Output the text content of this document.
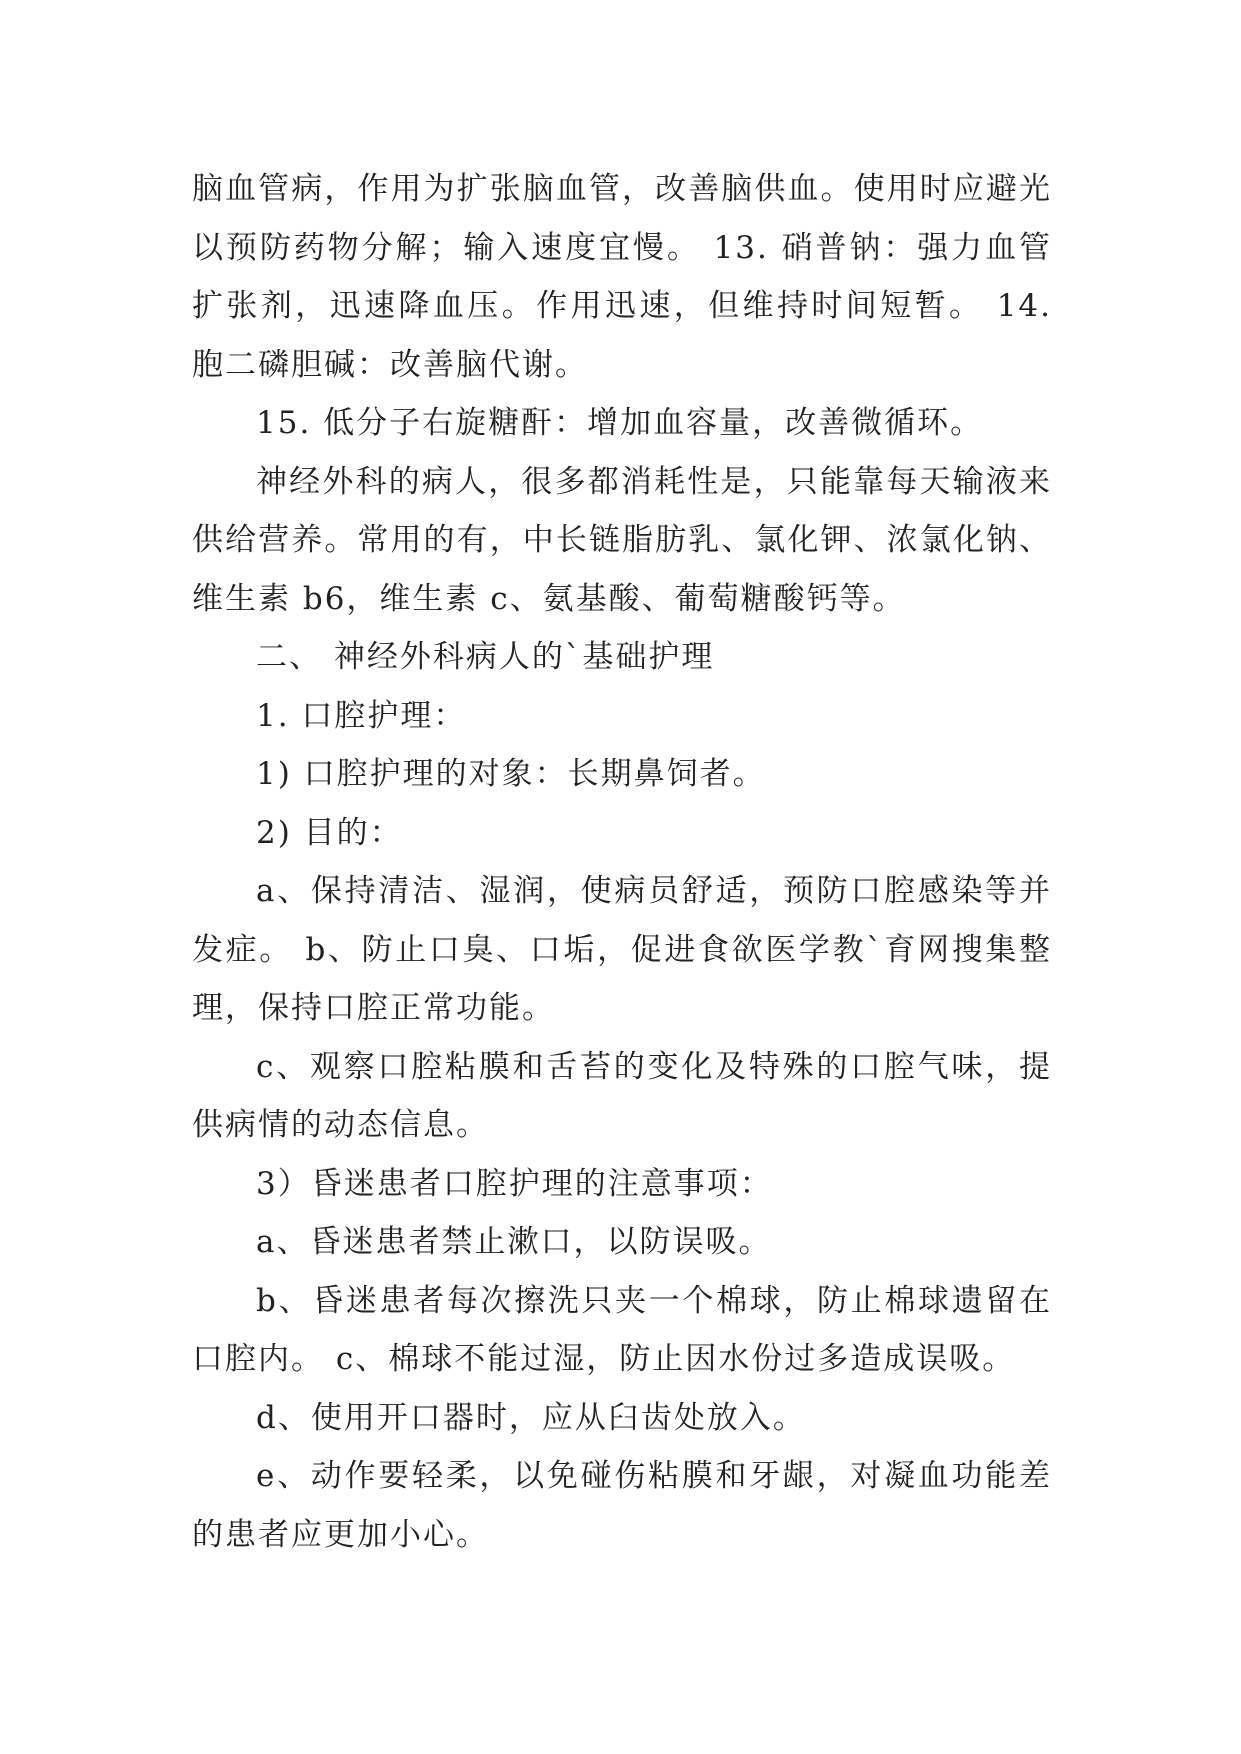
脑血管病，作用为扩张脑血管，改善脑供血。使用时应避光以预防药物分解；输入速度宜慢。 13. 硝普钠：强力血管扩张剂，迅速降血压。作用迅速，但维持时间短暂。 14. 胞二磷胆碱：改善脑代谢。

15. 低分子右旋糖酐：增加血容量，改善微循环。

神经外科的病人，很多都消耗性是，只能靠每天输液来供给营养。常用的有，中长链脂肪乳、氯化钾、浓氯化钠、维生素 b6，维生素 c、氨基酸、葡萄糖酸钙等。

二、 神经外科病人的`基础护理

1. 口腔护理：

1) 口腔护理的对象：长期鼻饲者。

2) 目的：

a、保持清洁、湿润，使病员舒适，预防口腔感染等并发症。 b、防止口臭、口垢，促进食欲医学教`育网搜集整理，保持口腔正常功能。

c、观察口腔粘膜和舌苔的变化及特殊的口腔气味，提供病情的动态信息。

3）昏迷患者口腔护理的注意事项：

a、昏迷患者禁止漱口，以防误吸。

b、昏迷患者每次擦洗只夹一个棉球，防止棉球遗留在口腔内。 c、棉球不能过湿，防止因水份过多造成误吸。

d、使用开口器时，应从臼齿处放入。

e、动作要轻柔，以免碰伤粘膜和牙龈，对凝血功能差的患者应更加小心。
